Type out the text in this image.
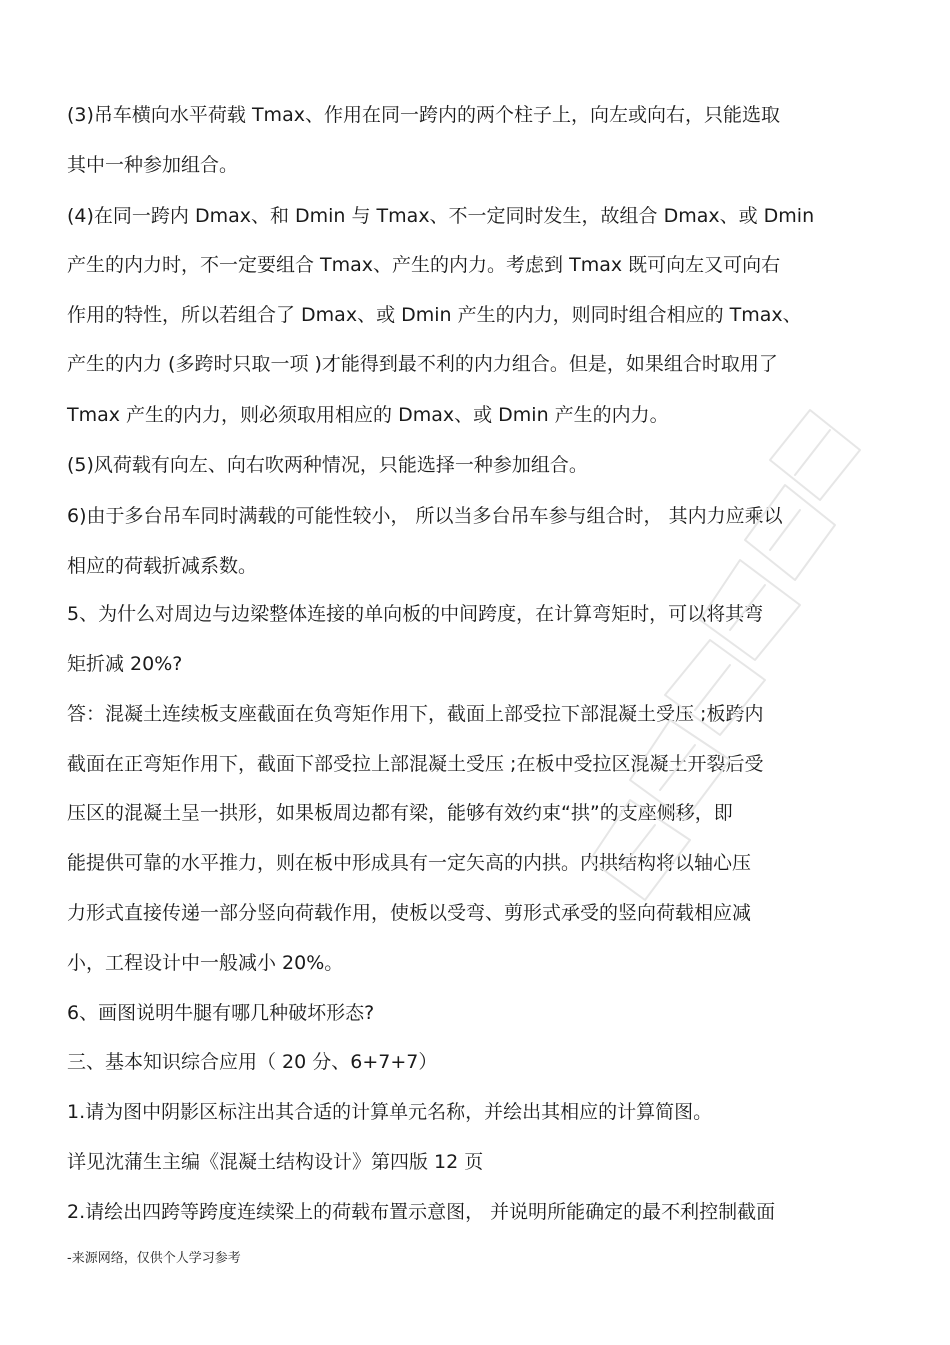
(3)吊车横向水平荷载 Tmax、作用在同一跨内的两个柱子上，向左或向右，只能选取
其中一种参加组合。
(4)在同一跨内 Dmax、和 Dmin 与 Tmax、不一定同时发生，故组合 Dmax、或 Dmin
产生的内力时，不一定要组合 Tmax、产生的内力。考虑到 Tmax 既可向左又可向右
作用的特性，所以若组合了 Dmax、或 Dmin 产生的内力，则同时组合相应的 Tmax、
产生的内力 (多跨时只取一项 )才能得到最不利的内力组合。但是，如果组合时取用了
Tmax 产生的内力，则必须取用相应的 Dmax、或 Dmin 产生的内力。
(5)风荷载有向左、向右吹两种情况，只能选择一种参加组合。
6)由于多台吊车同时满载的可能性较小， 所以当多台吊车参与组合时， 其内力应乘以
相应的荷载折减系数。
5、为什么对周边与边梁整体连接的单向板的中间跨度，在计算弯矩时，可以将其弯
矩折减 20%?
答：混凝土连续板支座截面在负弯矩作用下，截面上部受拉下部混凝土受压 ;板跨内
截面在正弯矩作用下，截面下部受拉上部混凝土受压 ;在板中受拉区混凝土开裂后受
压区的混凝土呈一拱形，如果板周边都有梁，能够有效约束“拱”的支座侧移，即
能提供可靠的水平推力，则在板中形成具有一定矢高的内拱。内拱结构将以轴心压
力形式直接传递一部分竖向荷载作用，使板以受弯、剪形式承受的竖向荷载相应减
小，工程设计中一般减小 20%。
6、画图说明牛腿有哪几种破坏形态?
三、基本知识综合应用（ 20 分、6+7+7）
1.请为图中阴影区标注出其合适的计算单元名称，并绘出其相应的计算简图。
详见沈蒲生主编《混凝土结构设计》第四版 12 页
2.请绘出四跨等跨度连续梁上的荷载布置示意图， 并说明所能确定的最不利控制截面
-来源网络，仅供个人学习参考
